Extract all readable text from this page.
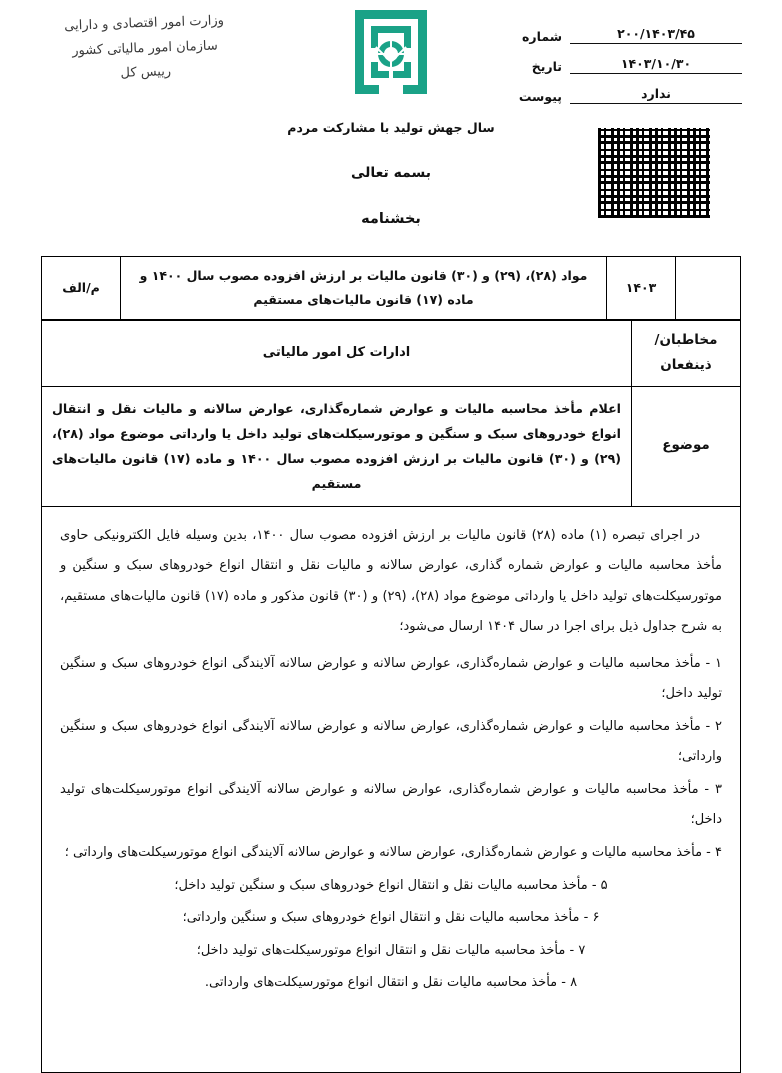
۲۰۰/۱۴۰۳/۴۵
شماره
۱۴۰۳/۱۰/۳۰
تاریخ
ندارد
پیوست
وزارت امور اقتصادی و دارایی
سازمان امور مالیاتی کشور
رییس کل
سال جهش تولید با مشارکت مردم
بسمه تعالی
بخشنامه
	۱۴۰۳	مواد (۲۸)، (۲۹) و (۳۰) قانون مالیات بر ارزش افزوده مصوب سال ۱۴۰۰ و ماده (۱۷) قانون مالیات‌های مستقیم	م/الف
مخاطبان/ ذینفعان	ادارات کل امور مالیاتی
موضوع	اعلام مأخذ محاسبه مالیات و عوارض شماره‌گذاری، عوارض سالانه و مالیات نقل و انتقال انواع خودروهای سبک و سنگین و موتورسیکلت‌های تولید داخل یا وارداتی موضوع مواد (۲۸)، (۲۹) و (۳۰) قانون مالیات بر ارزش افزوده مصوب سال ۱۴۰۰ و ماده (۱۷) قانون مالیات‌های مستقیم

در اجرای تبصره (۱) ماده (۲۸) قانون مالیات بر ارزش افزوده مصوب سال ۱۴۰۰، بدین وسیله فایل الکترونیکی حاوی مأخذ محاسبه مالیات و عوارض شماره گذاری، عوارض سالانه و مالیات نقل و انتقال انواع خودروهای سبک و سنگین و موتورسیکلت‌های تولید داخل یا وارداتی موضوع مواد (۲۸)، (۲۹) و (۳۰) قانون مذکور و ماده (۱۷) قانون مالیات‌های مستقیم، به شرح جداول ذیل برای اجرا در سال ۱۴۰۴ ارسال می‌شود؛

۱ - مأخذ محاسبه مالیات و عوارض شماره‌گذاری، عوارض سالانه و عوارض سالانه آلایندگی انواع خودروهای سبک و سنگین تولید داخل؛

۲ - مأخذ محاسبه مالیات و عوارض شماره‌گذاری، عوارض سالانه و عوارض سالانه آلایندگی انواع خودروهای سبک و سنگین وارداتی؛

۳ - مأخذ محاسبه مالیات و عوارض شماره‌گذاری، عوارض سالانه و عوارض سالانه آلایندگی انواع موتورسیکلت‌های تولید داخل؛

۴ - مأخذ محاسبه مالیات و عوارض شماره‌گذاری، عوارض سالانه و عوارض سالانه آلایندگی انواع موتورسیکلت‌های وارداتی ؛

۵ - مأخذ محاسبه مالیات نقل و انتقال انواع خودروهای سبک و سنگین تولید داخل؛

۶ - مأخذ محاسبه مالیات نقل و انتقال انواع خودروهای سبک و سنگین وارداتی؛

۷ - مأخذ محاسبه مالیات نقل و انتقال انواع موتورسیکلت‌های تولید داخل؛

۸ - مأخذ محاسبه مالیات نقل و انتقال انواع موتورسیکلت‌های وارداتی.
